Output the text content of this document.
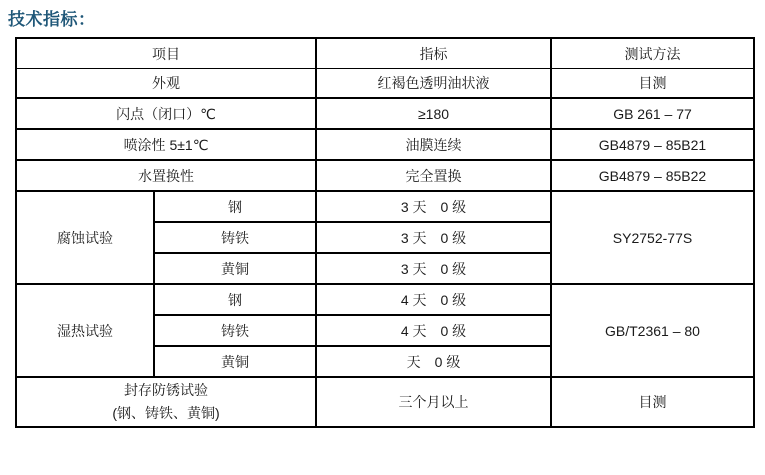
技术指标：
项目		指标	测试方法
外观		红褐色透明油状液	目测
闪点（闭口）℃		≥180	GB 261 – 77
喷涂性 5±1℃		油膜连续	GB4879 – 85B21
水置换性		完全置换	GB4879 – 85B22
腐蚀试验	钢	3 天　0 级	SY2752-77S
	铸铁	3 天　0 级	
	黄铜	3 天　0 级	
湿热试验	钢	4 天　0 级	GB/T2361 – 80
	铸铁	4 天　0 级	
	黄铜	天　0 级	

封存防锈试验
(钢、铸铁、黄铜)		三个月以上	目测
